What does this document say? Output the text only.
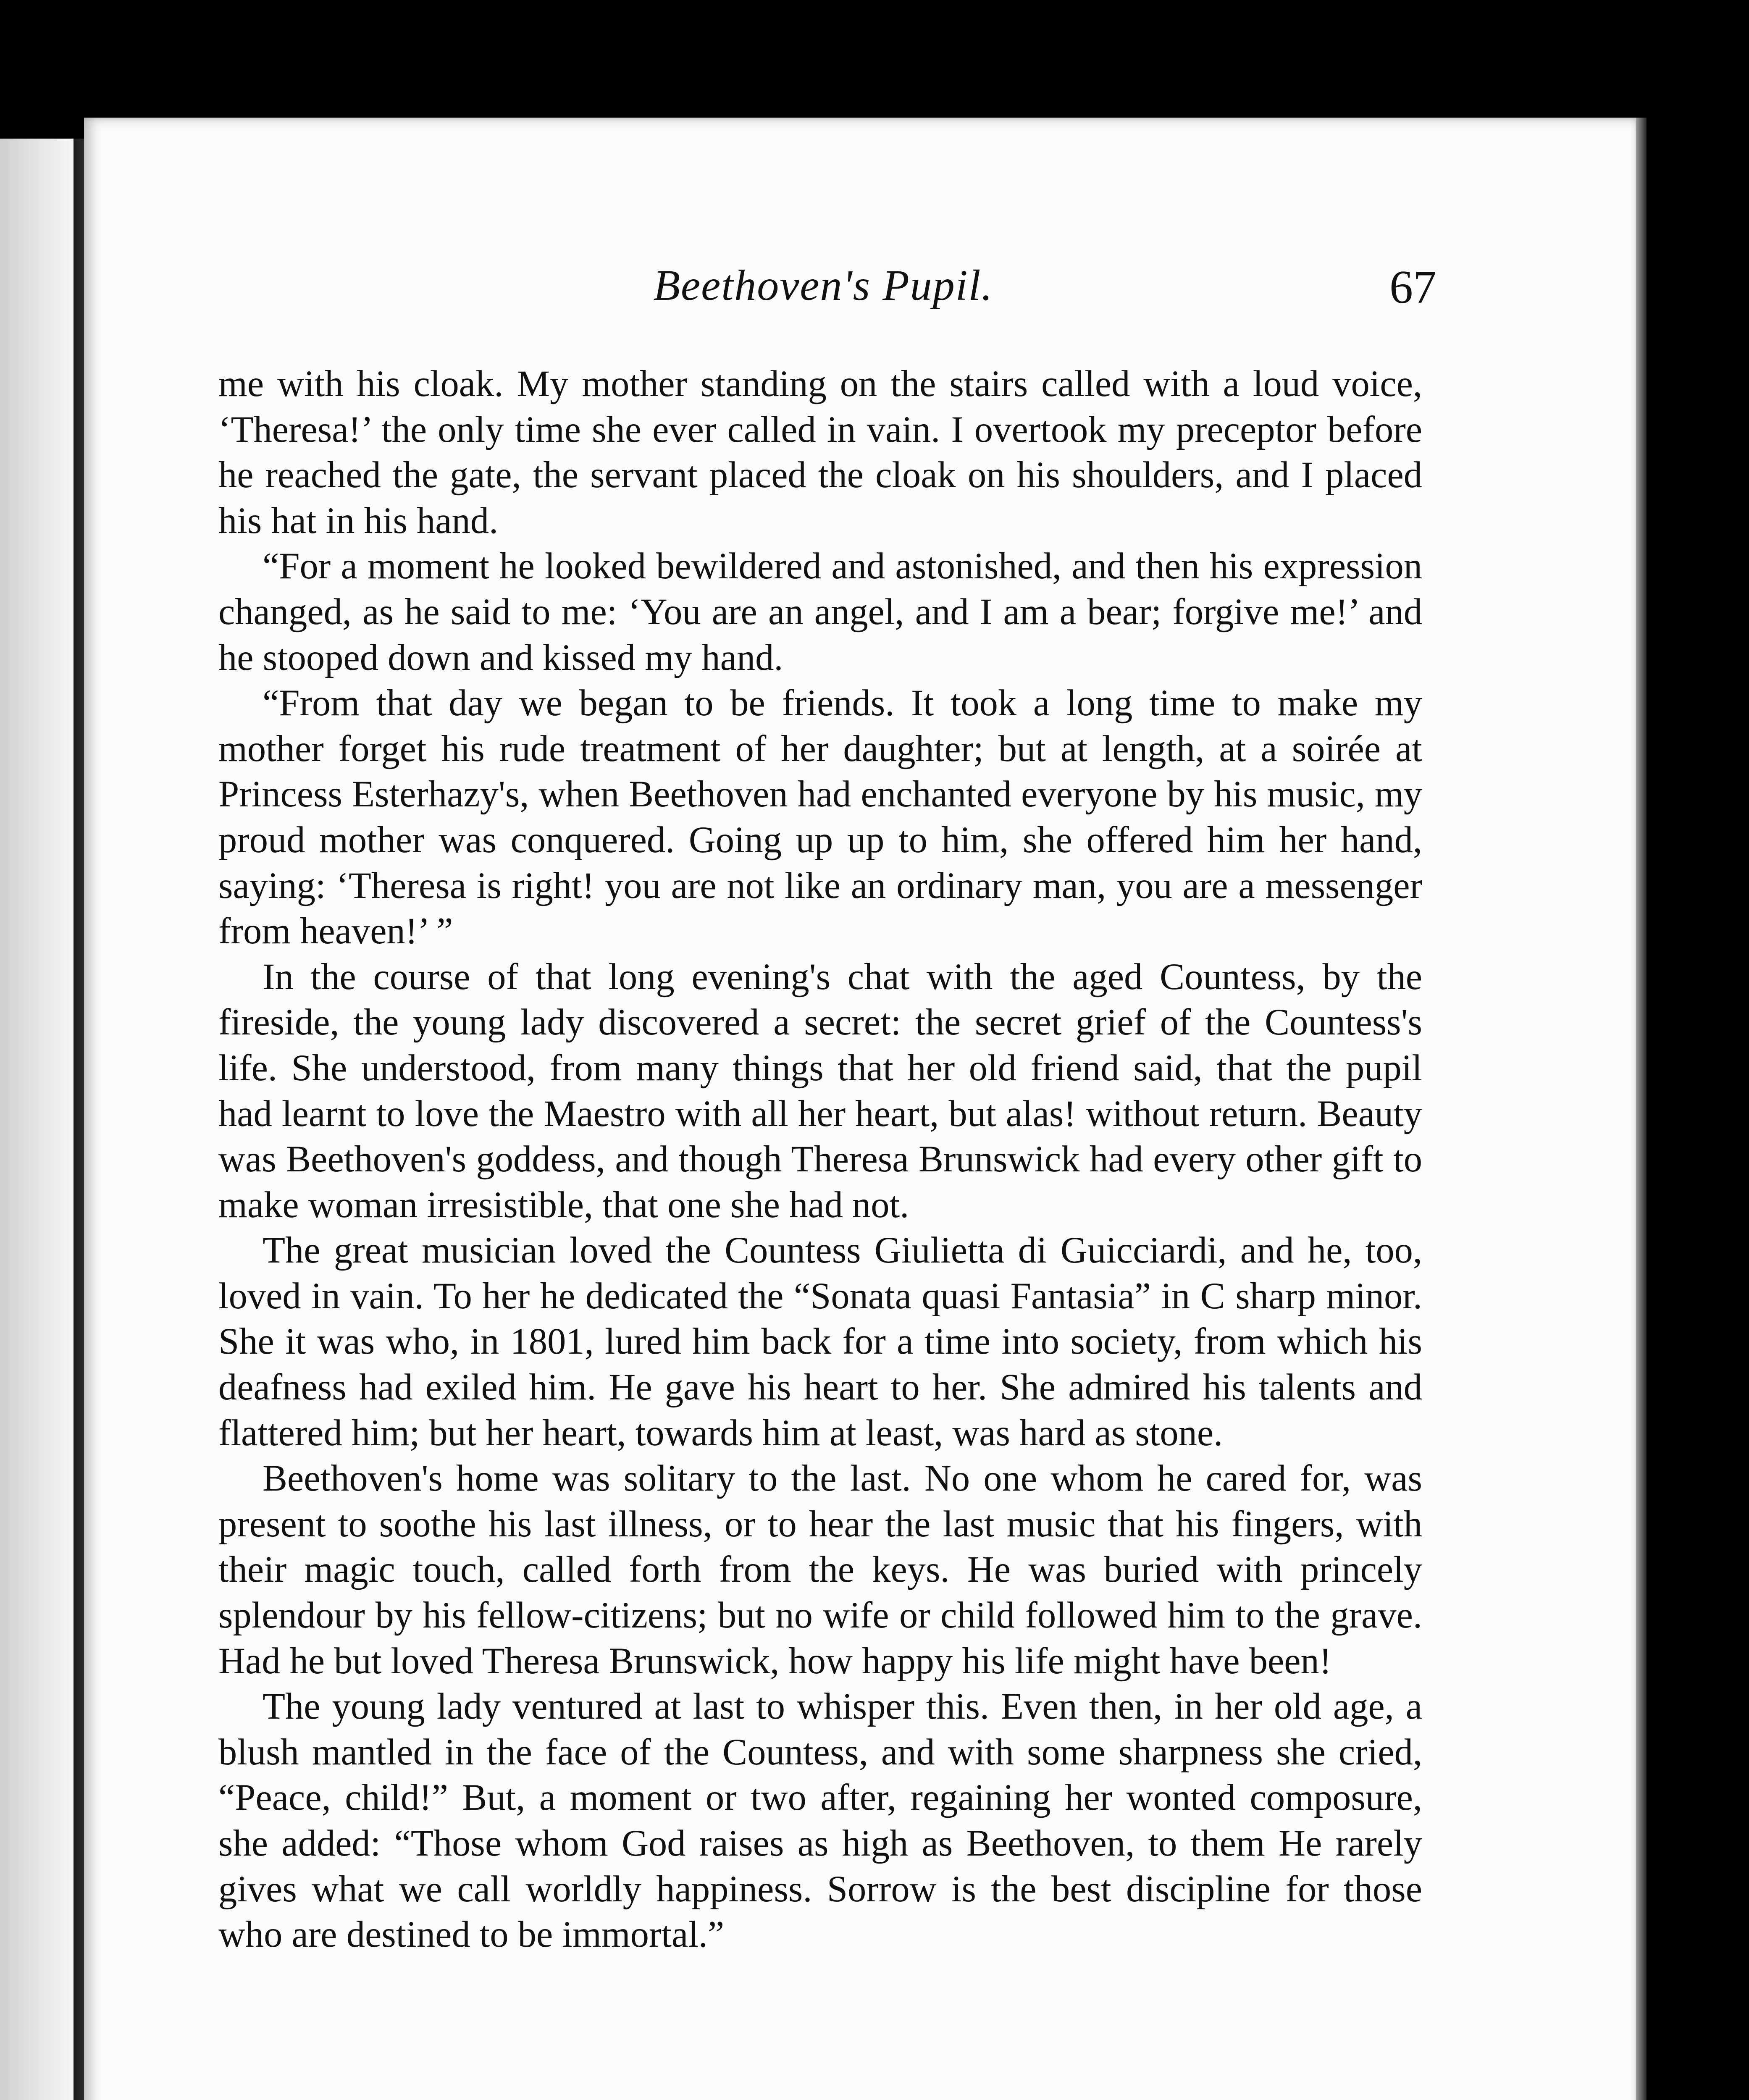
Beethoven's Pupil.	67

me with his cloak. My mother standing on the stairs called with a loud voice, ‘Theresa!’ the only time she ever called in vain. I overtook my preceptor before he reached the gate, the servant placed the cloak on his shoulders, and I placed his hat in his hand.

“For a moment he looked bewildered and astonished, and then his expression changed, as he said to me: ‘You are an angel, and I am a bear; forgive me!’ and he stooped down and kissed my hand.

“From that day we began to be friends. It took a long time to make my mother forget his rude treatment of her daughter; but at length, at a soirée at Princess Esterhazy's, when Beethoven had enchanted everyone by his music, my proud mother was conquered. Going up up to him, she offered him her hand, saying: ‘Theresa is right! you are not like an ordinary man, you are a messenger from heaven!’ ”

In the course of that long evening's chat with the aged Countess, by the fireside, the young lady discovered a secret: the secret grief of the Countess's life. She understood, from many things that her old friend said, that the pupil had learnt to love the Maestro with all her heart, but alas! without return. Beauty was Beethoven's goddess, and though Theresa Brunswick had every other gift to make woman irresistible, that one she had not.

The great musician loved the Countess Giulietta di Guicciardi, and he, too, loved in vain. To her he dedicated the “Sonata quasi Fantasia” in C sharp minor. She it was who, in 1801, lured him back for a time into society, from which his deafness had exiled him. He gave his heart to her. She admired his talents and flattered him; but her heart, towards him at least, was hard as stone.

Beethoven's home was solitary to the last. No one whom he cared for, was present to soothe his last illness, or to hear the last music that his fingers, with their magic touch, called forth from the keys. He was buried with princely splendour by his fellow-citizens; but no wife or child followed him to the grave. Had he but loved Theresa Brunswick, how happy his life might have been!

The young lady ventured at last to whisper this. Even then, in her old age, a blush mantled in the face of the Countess, and with some sharpness she cried, “Peace, child!” But, a moment or two after, regaining her wonted composure, she added: “Those whom God raises as high as Beethoven, to them He rarely gives what we call worldly happiness. Sorrow is the best discipline for those who are destined to be immortal.”
